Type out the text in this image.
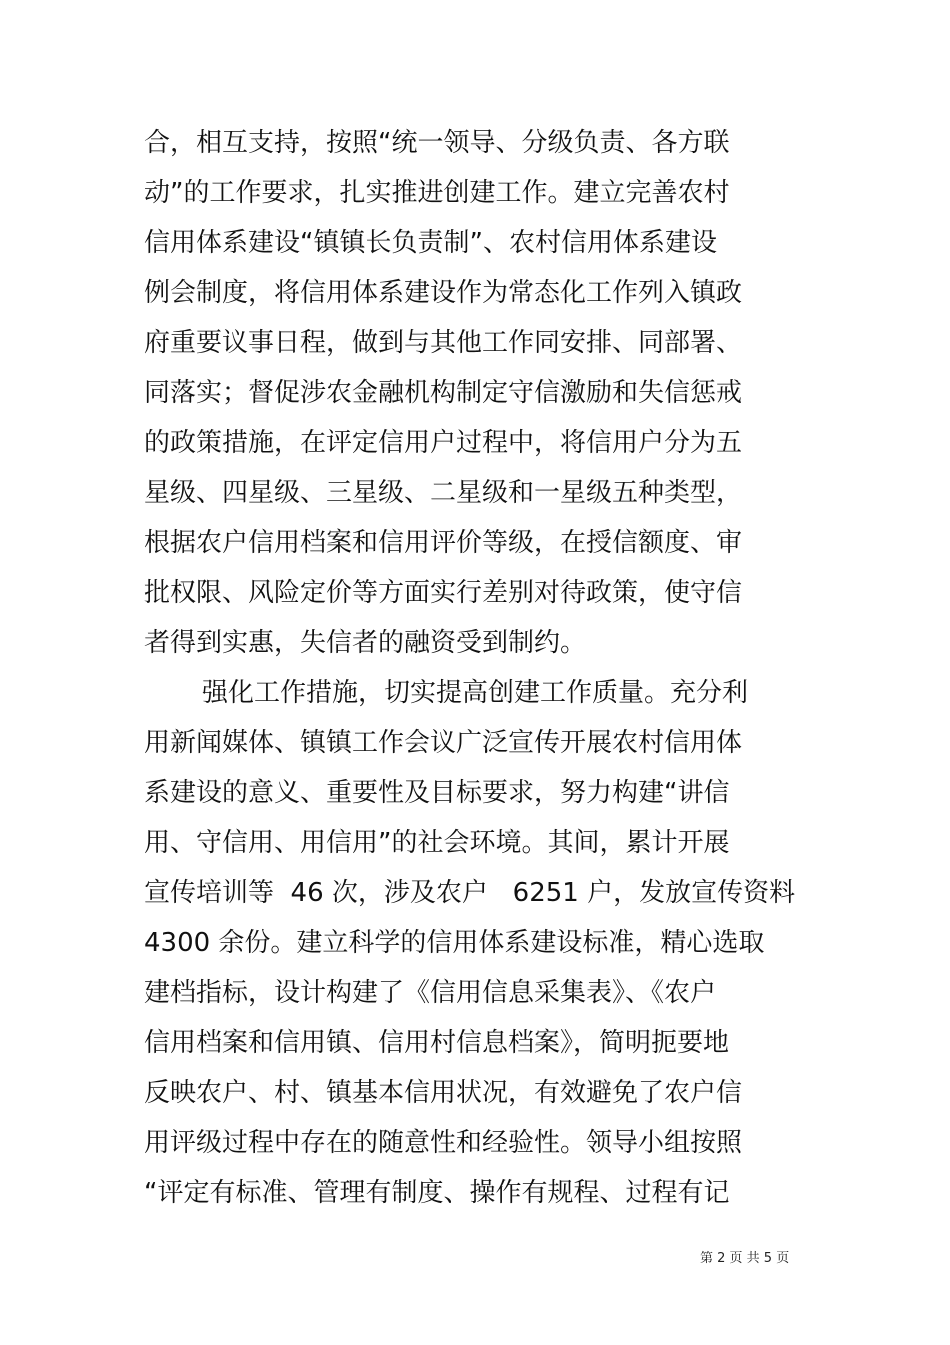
合，相互支持，按照“统一领导、分级负责、各方联
动”的工作要求，扎实推进创建工作。建立完善农村
信用体系建设“镇镇长负责制”、农村信用体系建设
例会制度，将信用体系建设作为常态化工作列入镇政
府重要议事日程，做到与其他工作同安排、同部署、
同落实；督促涉农金融机构制定守信激励和失信惩戒
的政策措施，在评定信用户过程中，将信用户分为五
星级、四星级、三星级、二星级和一星级五种类型，
根据农户信用档案和信用评价等级，在授信额度、审
批权限、风险定价等方面实行差别对待政策，使守信
者得到实惠，失信者的融资受到制约。
强化工作措施，切实提高创建工作质量。充分利
用新闻媒体、镇镇工作会议广泛宣传开展农村信用体
系建设的意义、重要性及目标要求，努力构建“讲信
用、守信用、用信用”的社会环境。其间，累计开展
宣传培训等  46 次，涉及农户   6251 户，发放宣传资料
4300 余份。建立科学的信用体系建设标准，精心选取
建档指标，设计构建了《信用信息采集表》、《农户
信用档案和信用镇、信用村信息档案》，简明扼要地
反映农户、村、镇基本信用状况，有效避免了农户信
用评级过程中存在的随意性和经验性。领导小组按照
“评定有标准、管理有制度、操作有规程、过程有记
第 2 页 共 5 页
